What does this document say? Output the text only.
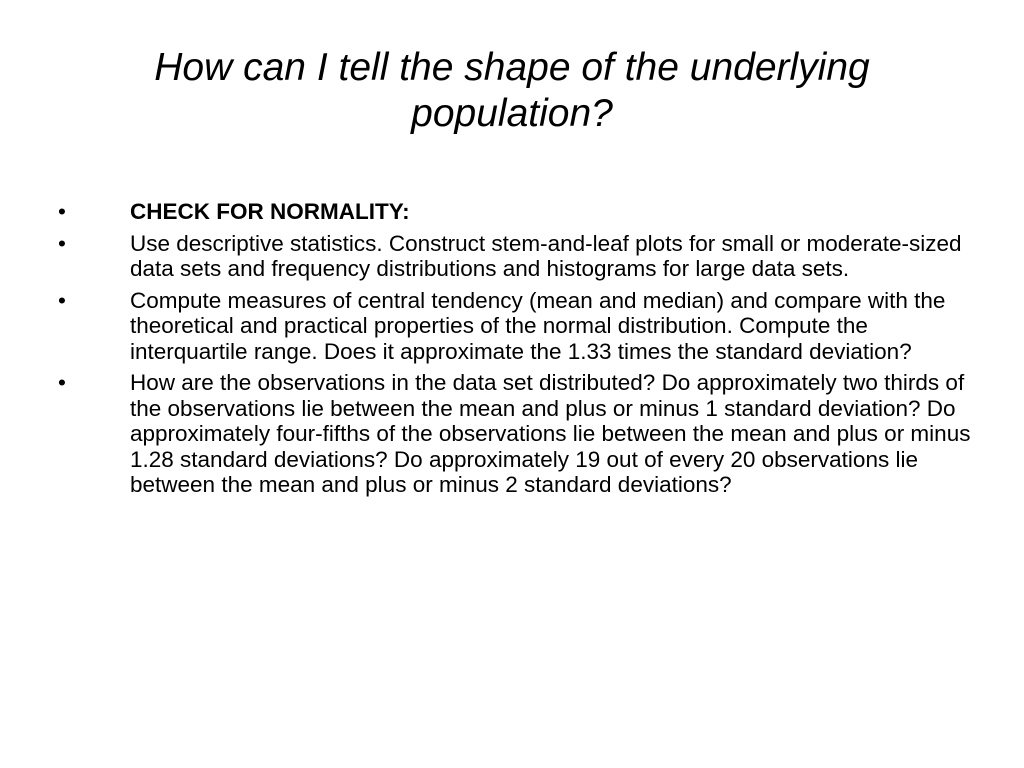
How can I tell the shape of the underlying population?
•	CHECK FOR NORMALITY:
•	Use descriptive statistics. Construct stem-and-leaf plots for small or moderate-sized data sets and frequency distributions and histograms for large data sets.
•	Compute measures of central tendency (mean and median) and compare with the theoretical and practical properties of the normal distribution. Compute the interquartile range. Does it approximate the 1.33 times the standard deviation?
•	How are the observations in the data set distributed? Do approximately two thirds of the observations lie between the mean and plus or minus 1 standard deviation? Do approximately four-fifths of the observations lie between the mean and plus or minus 1.28 standard deviations? Do approximately 19 out of every 20 observations lie between the mean and plus or minus 2 standard deviations?
